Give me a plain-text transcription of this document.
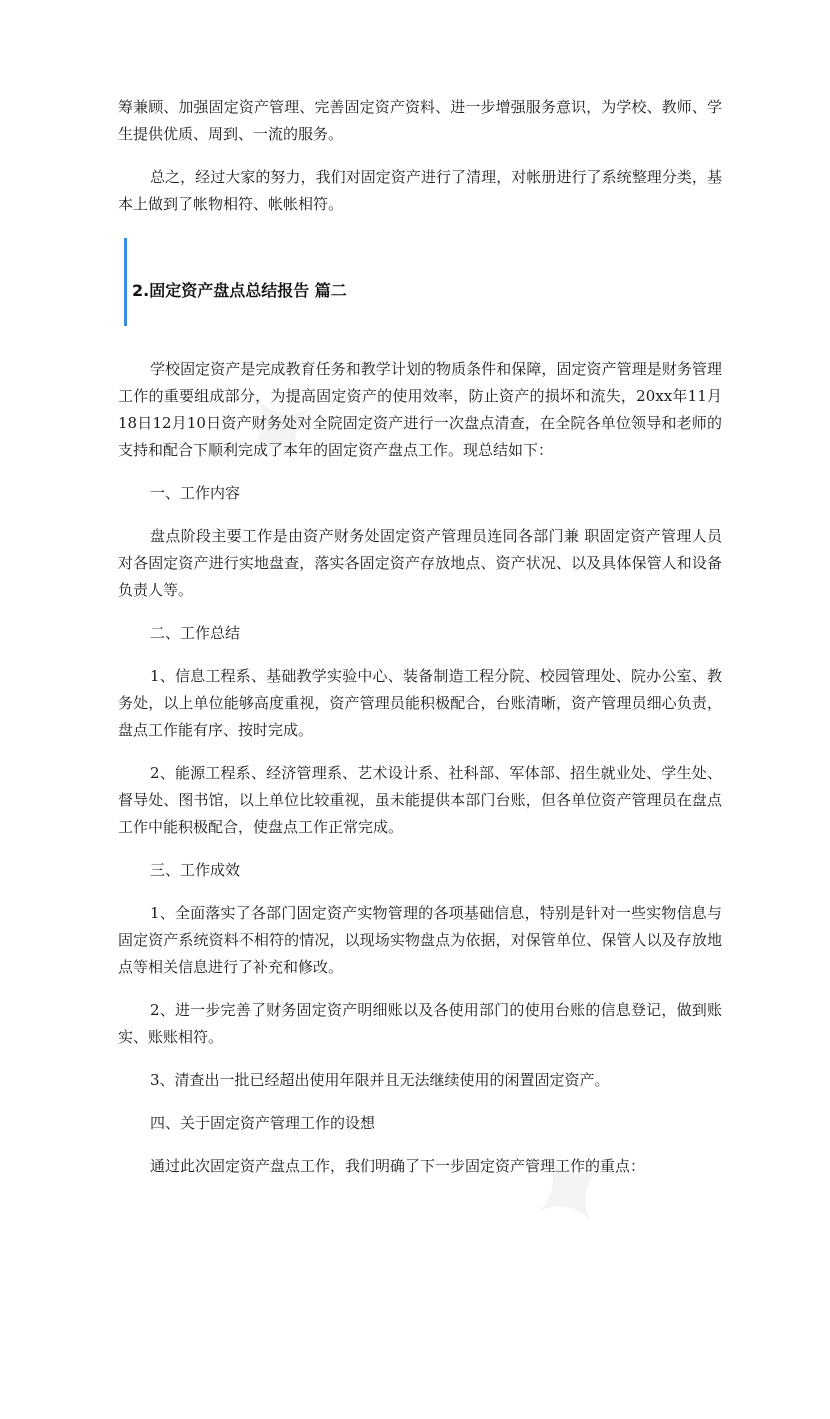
筹兼顾、加强固定资产管理、完善固定资产资料、进一步增强服务意识，为学校、教师、学生提供优质、周到、一流的服务。

总之，经过大家的努力，我们对固定资产进行了清理，对帐册进行了系统整理分类，基本上做到了帐物相符、帐帐相符。

2.固定资产盘点总结报告 篇二

学校固定资产是完成教育任务和教学计划的物质条件和保障，固定资产管理是财务管理工作的重要组成部分，为提高固定资产的使用效率，防止资产的损坏和流失，20xx年11月18日12月10日资产财务处对全院固定资产进行一次盘点清查，在全院各单位领导和老师的支持和配合下顺利完成了本年的固定资产盘点工作。现总结如下：

一、工作内容

盘点阶段主要工作是由资产财务处固定资产管理员连同各部门兼 职固定资产管理人员对各固定资产进行实地盘查，落实各固定资产存放地点、资产状况、以及具体保管人和设备负责人等。

二、工作总结

1、信息工程系、基础教学实验中心、装备制造工程分院、校园管理处、院办公室、教务处，以上单位能够高度重视，资产管理员能积极配合，台账清晰，资产管理员细心负责，盘点工作能有序、按时完成。

2、能源工程系、经济管理系、艺术设计系、社科部、军体部、招生就业处、学生处、督导处、图书馆，以上单位比较重视，虽未能提供本部门台账，但各单位资产管理员在盘点工作中能积极配合，使盘点工作正常完成。

三、工作成效

1、全面落实了各部门固定资产实物管理的各项基础信息，特别是针对一些实物信息与固定资产系统资料不相符的情况，以现场实物盘点为依据，对保管单位、保管人以及存放地点等相关信息进行了补充和修改。

2、进一步完善了财务固定资产明细账以及各使用部门的使用台账的信息登记，做到账实、账账相符。

3、清查出一批已经超出使用年限并且无法继续使用的闲置固定资产。

四、关于固定资产管理工作的设想

通过此次固定资产盘点工作，我们明确了下一步固定资产管理工作的重点：
